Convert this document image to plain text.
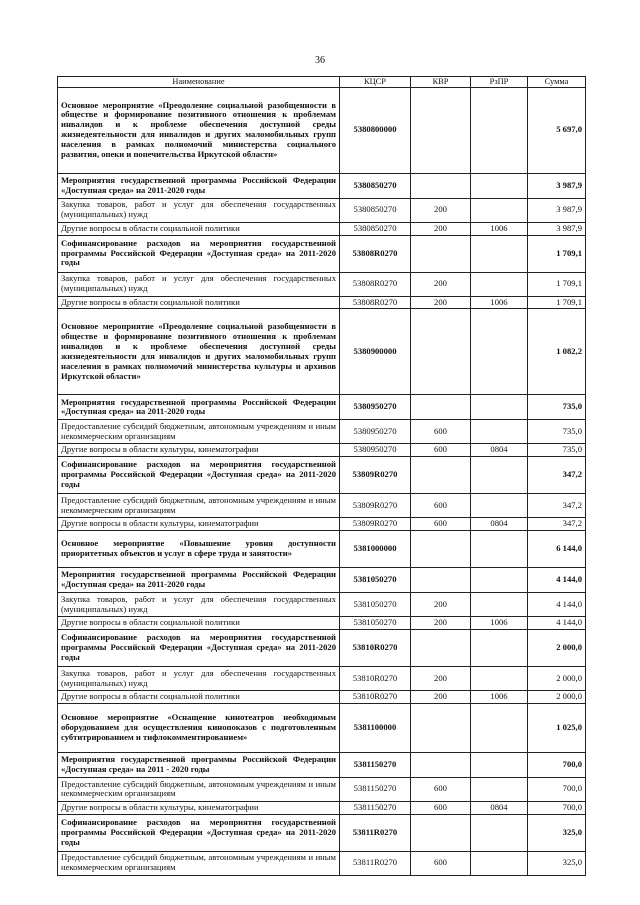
36
Наименование	КЦСР	КВР	РзПР	Сумма
Основное мероприятие «Преодоление социальной разобщенности в обществе и формирование позитивного отношения к проблемам инвалидов и к проблеме обеспечения доступной среды жизнедеятельности для инвалидов и других маломобильных групп населения в рамках полномочий министерства социального развития, опеки и попечительства Иркутской области»	5380800000			5 697,0
Мероприятия государственной программы Российской Федерации «Доступная среда» на 2011-2020 годы	5380850270			3 987,9
Закупка товаров, работ и услуг для обеспечения государственных (муниципальных) нужд	5380850270	200		3 987,9
Другие вопросы в области социальной политики	5380850270	200	1006	3 987,9
Софинансирование расходов на мероприятия государственной программы Российской Федерации «Доступная среда» на 2011-2020 годы	53808R0270			1 709,1
Закупка товаров, работ и услуг для обеспечения государственных (муниципальных) нужд	53808R0270	200		1 709,1
Другие вопросы в области социальной политики	53808R0270	200	1006	1 709,1
Основное мероприятие «Преодоление социальной разобщенности в обществе и формирование позитивного отношения к проблемам инвалидов и к проблеме обеспечения доступной среды жизнедеятельности для инвалидов и других маломобильных групп населения в рамках полномочий министерства культуры и архивов Иркутской области»	5380900000			1 082,2
Мероприятия государственной программы Российской Федерации «Доступная среда» на 2011-2020 годы	5380950270			735,0
Предоставление субсидий бюджетным, автономным учреждениям и иным некоммерческим организациям	5380950270	600		735,0
Другие вопросы в области культуры, кинематографии	5380950270	600	0804	735,0
Софинансирование расходов на мероприятия государственной программы Российской Федерации «Доступная среда» на 2011-2020 годы	53809R0270			347,2
Предоставление субсидий бюджетным, автономным учреждениям и иным некоммерческим организациям	53809R0270	600		347,2
Другие вопросы в области культуры, кинематографии	53809R0270	600	0804	347,2
Основное мероприятие «Повышение уровня доступности приоритетных объектов и услуг в сфере труда и занятости»	5381000000			6 144,0
Мероприятия государственной программы Российской Федерации «Доступная среда» на 2011-2020 годы	5381050270			4 144,0
Закупка товаров, работ и услуг для обеспечения государственных (муниципальных) нужд	5381050270	200		4 144,0
Другие вопросы в области социальной политики	5381050270	200	1006	4 144,0
Софинансирование расходов на мероприятия государственной программы Российской Федерации «Доступная среда» на 2011-2020 годы	53810R0270			2 000,0
Закупка товаров, работ и услуг для обеспечения государственных (муниципальных) нужд	53810R0270	200		2 000,0
Другие вопросы в области социальной политики	53810R0270	200	1006	2 000,0
Основное мероприятие «Оснащение кинотеатров необходимым оборудованием для осуществления кинопоказов с подготовленным субтитрированием и тифлокомментированием»	5381100000			1 025,0
Мероприятия государственной программы Российской Федерации «Доступная среда» на 2011 - 2020 годы	5381150270			700,0
Предоставление субсидий бюджетным, автономным учреждениям и иным некоммерческим организациям	5381150270	600		700,0
Другие вопросы в области культуры, кинематографии	5381150270	600	0804	700,0
Софинансирование расходов на мероприятия государственной программы Российской Федерации «Доступная среда» на 2011-2020 годы	53811R0270			325,0
Предоставление субсидий бюджетным, автономным учреждениям и иным некоммерческим организациям	53811R0270	600		325,0
